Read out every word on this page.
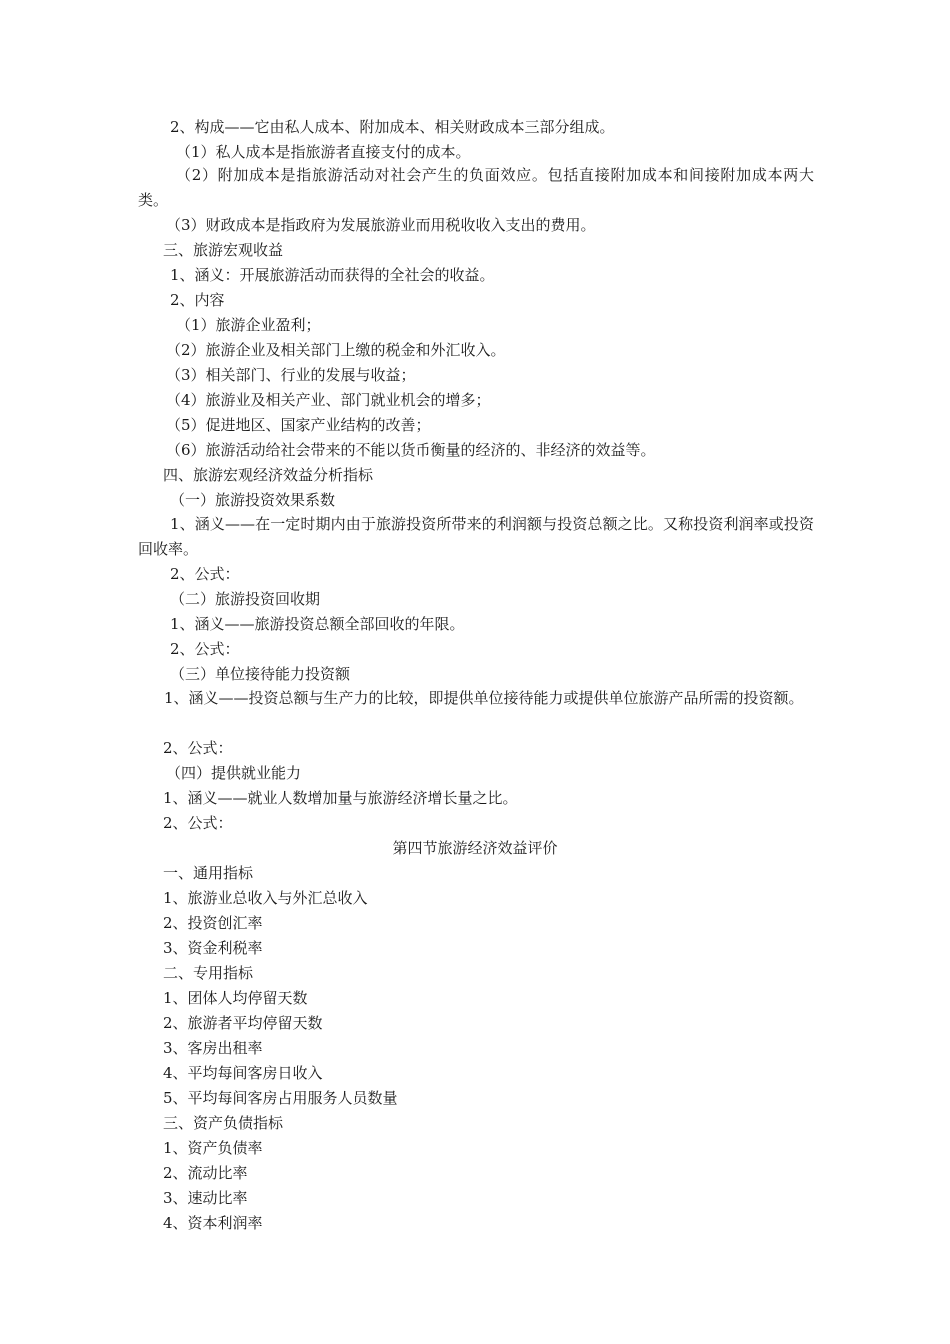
2、构成——它由私人成本、附加成本、相关财政成本三部分组成。
（1）私人成本是指旅游者直接支付的成本。
（2）附加成本是指旅游活动对社会产生的负面效应。包括直接附加成本和间接附加成本两大类。
（3）财政成本是指政府为发展旅游业而用税收收入支出的费用。
三、旅游宏观收益
1、涵义：开展旅游活动而获得的全社会的收益。
2、内容
（1）旅游企业盈利；
（2）旅游企业及相关部门上缴的税金和外汇收入。
（3）相关部门、行业的发展与收益；
（4）旅游业及相关产业、部门就业机会的增多；
（5）促进地区、国家产业结构的改善；
（6）旅游活动给社会带来的不能以货币衡量的经济的、非经济的效益等。
四、旅游宏观经济效益分析指标
（一）旅游投资效果系数
1、涵义——在一定时期内由于旅游投资所带来的利润额与投资总额之比。又称投资利润率或投资回收率。
2、公式：
（二）旅游投资回收期
1、涵义——旅游投资总额全部回收的年限。
2、公式：
（三）单位接待能力投资额
1、涵义——投资总额与生产力的比较，即提供单位接待能力或提供单位旅游产品所需的投资额。
2、公式：
（四）提供就业能力
1、涵义——就业人数增加量与旅游经济增长量之比。
2、公式：
第四节旅游经济效益评价
一、通用指标
1、旅游业总收入与外汇总收入
2、投资创汇率
3、资金利税率
二、专用指标
1、团体人均停留天数
2、旅游者平均停留天数
3、客房出租率
4、平均每间客房日收入
5、平均每间客房占用服务人员数量
三、资产负债指标
1、资产负债率
2、流动比率
3、速动比率
4、资本利润率
